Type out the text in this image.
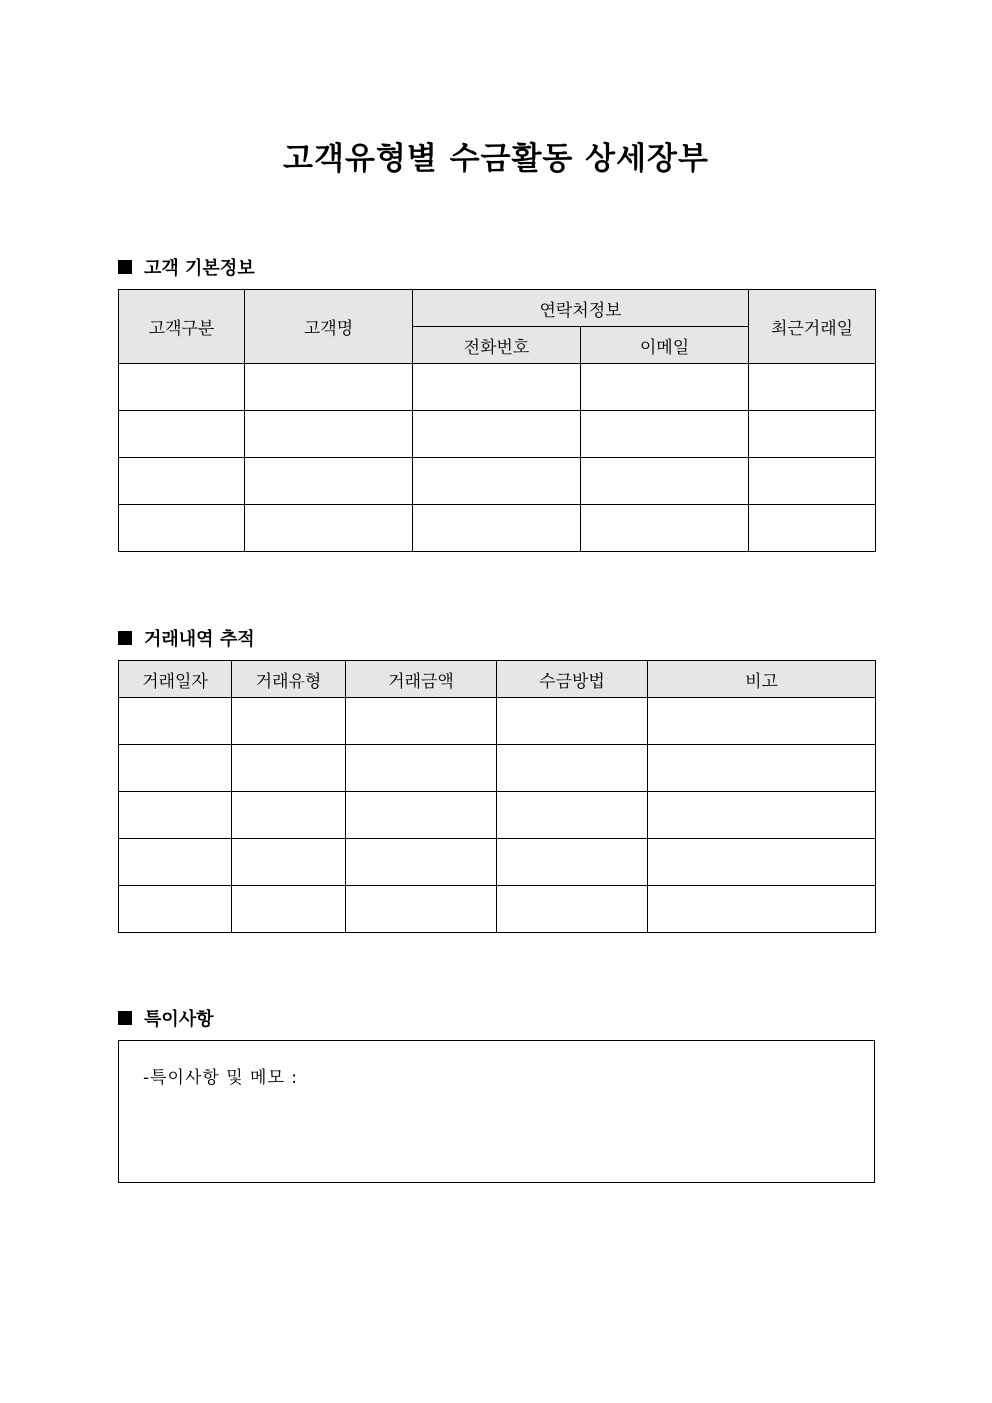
고객유형별 수금활동 상세장부
고객 기본정보
고객구분	고객명	연락처정보		최근거래일
		전화번호	이메일	

거래내역 추적
거래일자	거래유형	거래금액	수금방법	비고

특이사항
-특이사항 및 메모 :
